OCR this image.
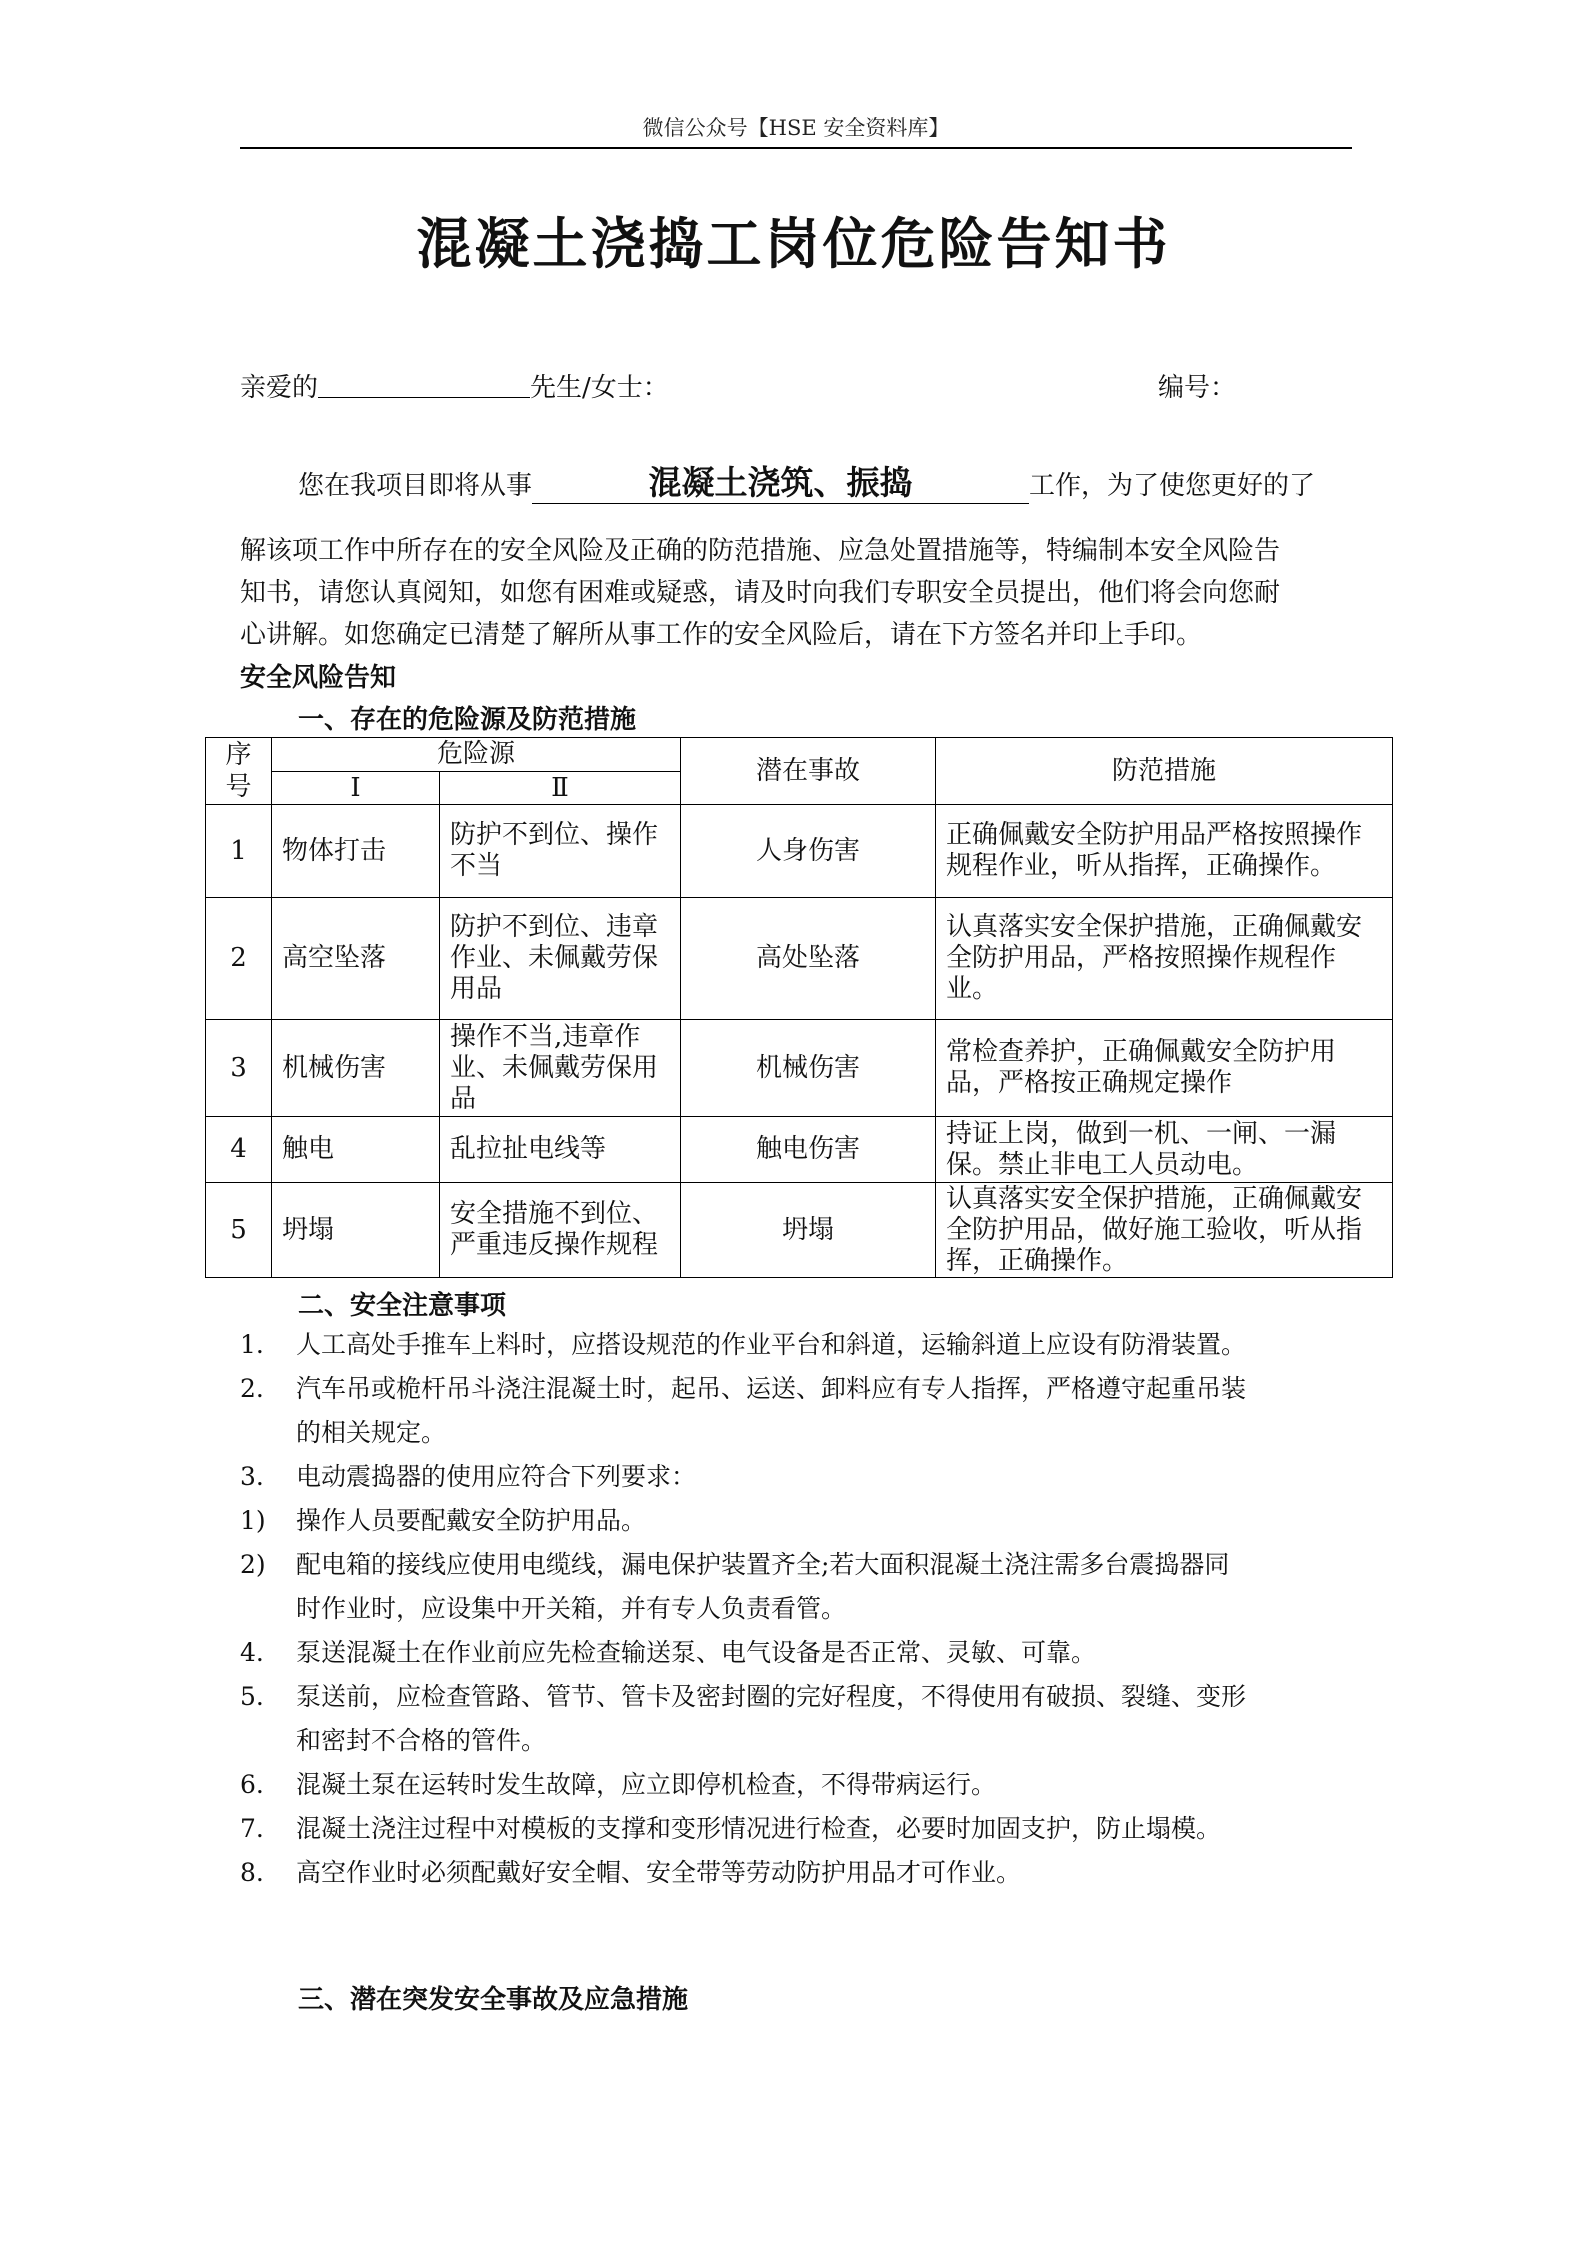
微信公众号【HSE 安全资料库】
混凝土浇捣工岗位危险告知书
亲爱的	先生/女士：	编号：
您在我项目即将从事	混凝土浇筑、振捣	工作，为了使您更好的了
解该项工作中所存在的安全风险及正确的防范措施、应急处置措施等，特编制本安全风险告
知书，请您认真阅知，如您有困难或疑惑，请及时向我们专职安全员提出，他们将会向您耐
心讲解。如您确定已清楚了解所从事工作的安全风险后，请在下方签名并印上手印。
安全风险告知
一、存在的危险源及防范措施
序号	危险源		潜在事故	防范措施
	Ⅰ	Ⅱ		
1	物体打击	防护不到位、操作不当	人身伤害	正确佩戴安全防护用品严格按照操作规程作业，听从指挥，正确操作。
2	高空坠落	防护不到位、违章作业、未佩戴劳保用品	高处坠落	认真落实安全保护措施，正确佩戴安全防护用品，严格按照操作规程作业。
3	机械伤害	操作不当,违章作业、未佩戴劳保用品	机械伤害	常检查养护，正确佩戴安全防护用品，严格按正确规定操作
4	触电	乱拉扯电线等	触电伤害	持证上岗，做到一机、一闸、一漏保。禁止非电工人员动电。
5	坍塌	安全措施不到位、严重违反操作规程	坍塌	认真落实安全保护措施，正确佩戴安全防护用品，做好施工验收，听从指挥，正确操作。
二、安全注意事项
1. 人工高处手推车上料时，应搭设规范的作业平台和斜道，运输斜道上应设有防滑装置。
2. 汽车吊或桅杆吊斗浇注混凝土时，起吊、运送、卸料应有专人指挥，严格遵守起重吊装
的相关规定。
3. 电动震捣器的使用应符合下列要求：
1) 操作人员要配戴安全防护用品。
2) 配电箱的接线应使用电缆线，漏电保护装置齐全;若大面积混凝土浇注需多台震捣器同
时作业时，应设集中开关箱，并有专人负责看管。
4. 泵送混凝土在作业前应先检查输送泵、电气设备是否正常、灵敏、可靠。
5. 泵送前，应检查管路、管节、管卡及密封圈的完好程度，不得使用有破损、裂缝、变形
和密封不合格的管件。
6. 混凝土泵在运转时发生故障，应立即停机检查，不得带病运行。
7. 混凝土浇注过程中对模板的支撑和变形情况进行检查，必要时加固支护，防止塌模。
8. 高空作业时必须配戴好安全帽、安全带等劳动防护用品才可作业。
三、潜在突发安全事故及应急措施
